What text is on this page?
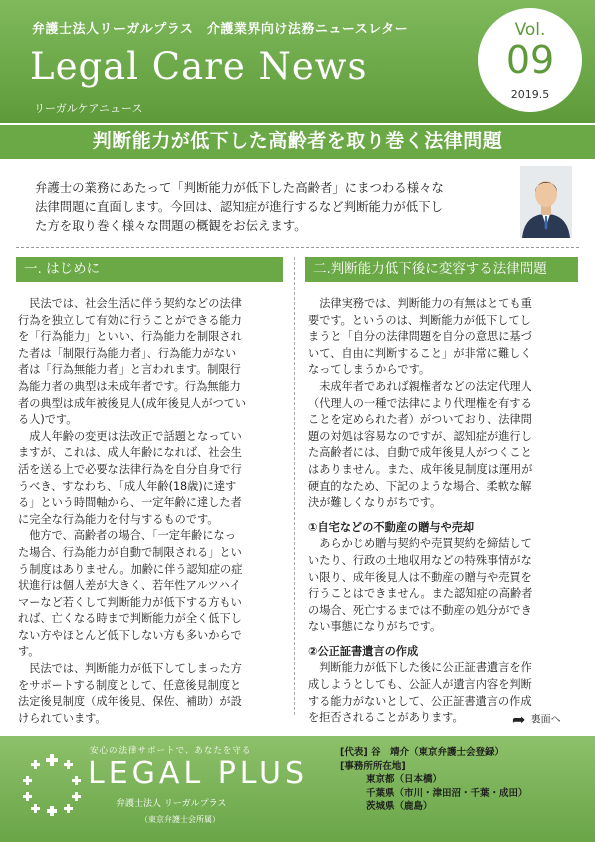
弁護士法人リーガルプラス　介護業界向け法務ニュースレター
Legal Care News
リーガルケアニュース
Vol.
09
2019.5
判断能力が低下した高齢者を取り巻く法律問題
弁護士の業務にあたって「判断能力が低下した高齢者」にまつわる様々な
法律問題に直面します。今回は、認知症が進行するなど判断能力が低下し
た方を取り巻く様々な問題の概観をお伝えます。
一. はじめに	二.判断能力低下後に変容する法律問題
　民法では、社会生活に伴う契約などの法律
行為を独立して有効に行うことができる能力
を「行為能力」といい、行為能力を制限され
た者は「制限行為能力者」、行為能力がない
者は「行為無能力者」と言われます。制限行
為能力者の典型は未成年者です。行為無能力
者の典型は成年被後見人(成年後見人がつてい
る人)です。
　成人年齢の変更は法改正で話題となってい
ますが、これは、成人年齢になれば、社会生
活を送る上で必要な法律行為を自分自身で行
うべき、すなわち、「成人年齢(18歳)に達す
る」という時間軸から、一定年齢に達した者
に完全な行為能力を付与するものです。
　他方で、高齢者の場合、「一定年齢になっ
た場合、行為能力が自動で制限される」とい
う制度はありません。加齢に伴う認知症の症
状進行は個人差が大きく、若年性アルツハイ
マーなど若くして判断能力が低下する方もい
れば、亡くなる時まで判断能力が全く低下し
ない方やほとんど低下しない方も多いからで
す。
　民法では、判断能力が低下してしまった方
をサポートする制度として、任意後見制度と
法定後見制度（成年後見、保佐、補助）が設
けられています。
　法律実務では、判断能力の有無はとても重
要です。というのは、判断能力が低下してし
まうと「自分の法律問題を自分の意思に基づ
いて、自由に判断すること」が非常に難しく
なってしまうからです。
　未成年者であれば親権者などの法定代理人
（代理人の一種で法律により代理権を有する
ことを定められた者）がついており、法律問
題の対処は容易なのですが、認知症が進行し
た高齢者には、自動で成年後見人がつくこと
はありません。また、成年後見制度は運用が
硬直的なため、下記のような場合、柔軟な解
決が難しくなりがちです。
①自宅などの不動産の贈与や売却
　あらかじめ贈与契約や売買契約を締結して
いたり、行政の土地収用などの特殊事情がな
い限り、成年後見人は不動産の贈与や売買を
行うことはできません。また認知症の高齢者
の場合、死亡するまでは不動産の処分ができ
ない事態になりがちです。
②公正証書遺言の作成
　判断能力が低下した後に公正証書遺言を作
成しようとしても、公証人が遺言内容を判断
する能力がないとして、公正証書遺言の作成
を拒否されることがあります。	➦ 裏面へ
安心の法律サポートで、あなたを守る
LEGAL PLUS
弁護士法人 リーガルプラス
（東京弁護士会所属）
[代表] 谷　靖介（東京弁護士会登録）
[事務所所在地]
東京都（日本橋）
千葉県（市川・津田沼・千葉・成田）
茨城県（鹿島）
